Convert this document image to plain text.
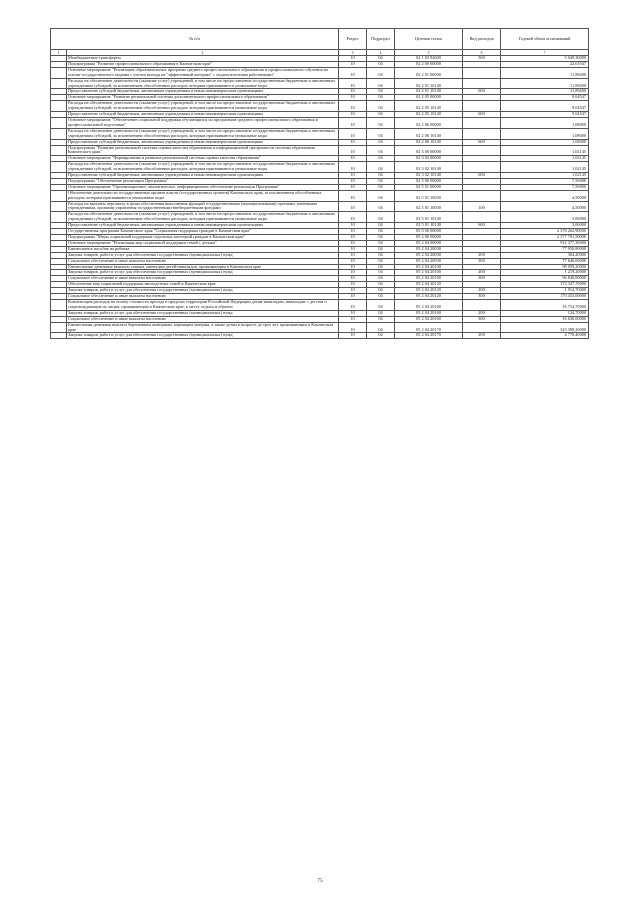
№ п/п		Раздел	Подраздел	Целевая статья	Вид расходов	Годовой объем ассигнований
1	2	3	4	5	6	7
	Межбюджетные трансферты	10	04	02 1 03 92600	500	5 049,30000
	Подпрограмма "Развитие профессионального образования в Камчатском крае"	10	04	02 2 00 00000		22,01947
	Основное мероприятие "Реализация образовательных программ среднего профессионального образования и профессионального обучения на основе государственного задания с учетом выхода на "эффективный контракт" с педагогическими работниками"	10	04	02 2 01 00000		11,89400
	Расходы на обеспечение деятельности (оказание услуг) учреждений, в том числе на предоставление государственным бюджетным и автономным учреждениям субсидий, за исключением обособленных расходов, которым присваиваются уникальные коды	10	04	02 2 01 10140		11,89400
	Предоставление субсидий бюджетным, автономным учреждениям и иным некоммерческим организациям	10	04	02 2 01 10140	600	11,89400
	Основное мероприятие "Развитие региональной системы дополнительного профессионального образования"	10	04	02 2 05 00000		9,04547
	Расходы на обеспечение деятельности (оказание услуг) учреждений, в том числе на предоставление государственным бюджетным и автономным учреждениям субсидий, за исключением обособленных расходов, которым присваиваются уникальные коды	10	04	02 2 05 10140		9,04547
	Предоставление субсидий бюджетным, автономным учреждениям и иным некоммерческим организациям	10	04	02 2 05 10140	600	9,04547
	Основное мероприятие "Обеспечение социальной поддержки обучающихся по программам среднего профессионального образования и профессиональной подготовки"	10	04	02 2 06 00000		1,08000
	Расходы на обеспечение деятельности (оказание услуг) учреждений, в том числе на предоставление государственным бюджетным и автономным учреждениям субсидий, за исключением обособленных расходов, которым присваиваются уникальные коды	10	04	02 2 06 10140		1,08000
	Предоставление субсидий бюджетным, автономным учреждениям и иным некоммерческим организациям	10	04	02 2 06 10140	600	1,08000
	Подпрограмма "Развитие региональной системы оценки качества образования и информационной прозрачности системы образования Камчатского края"	10	04	02 3 00 00000		1,02145
	Основное мероприятие "Формирование и развитие региональной системы оценки качества образования"	10	04	02 3 02 00000		1,02145
	Расходы на обеспечение деятельности (оказание услуг) учреждений, в том числе на предоставление государственным бюджетным и автономным учреждениям субсидий, за исключением обособленных расходов, которым присваиваются уникальные коды	10	04	02 3 02 10140		1,02145
	Предоставление субсидий бюджетным, автономным учреждениям и иным некоммерческим организациям	10	04	02 3 02 10140	600	1,02145
	Подпрограмма "Обеспечение реализации Программы"	10	04	02 5 00 00000		7,56000
	Основное мероприятие "Организационное, аналитическое, информационное обеспечение реализации Программы"	10	04	02 5 01 00000		7,56000
	Обеспечение деятельности государственных органов власти (государственных органов) Камчатского края, за исключением обособленных расходов, которым присваиваются уникальные коды	10	04	02 5 01 10030		4,50000
	Расходы на выплаты персоналу в целях обеспечения выполнения функций государственными (муниципальными) органами, казенными учреждениями, органами управления государственными внебюджетными фондами	10	04	02 5 01 10030	100	4,50000
	Расходы на обеспечение деятельности (оказание услуг) учреждений, в том числе на предоставление государственным бюджетным и автономным учреждениям субсидий, за исключением обособленных расходов, которым присваиваются уникальные коды	10	04	02 5 01 10140		3,06000
	Предоставление субсидий бюджетным, автономным учреждениям и иным некоммерческим организациям	10	04	02 5 01 10140	600	3,06000
	Государственная программа Камчатского края "Социальная поддержка граждан в Камчатском крае"	10	04	05 0 00 00000		2 378 262,90000
	Подпрограмма "Меры социальной поддержки отдельных категорий граждан в Камчатском крае"	10	04	05 2 00 00000		2 377 791,50000
	Основное мероприятие "Реализация мер социальной поддержки семей с детьми"	10	04	05 2 04 00000		912 377,30000
	Ежемесячное пособие на ребенка	10	04	05 2 04 20030		77 950,80000
	Закупка товаров, работ и услуг для обеспечения государственных (муниципальных) нужд	10	04	05 2 04 20030	200	304,20000
	Социальное обеспечение и иные выплаты населению	10	04	05 2 04 20030	300	77 646,60000
	Ежемесячные денежные выплаты семьям, имеющим детей-инвалидов, проживающим в Камчатском крае	10	04	05 2 04 20100		98 059,20000
	Закупка товаров, работ и услуг для обеспечения государственных (муниципальных) нужд	10	04	05 2 04 20100	200	1 219,20000
	Социальное обеспечение и иные выплаты населению	10	04	05 2 04 20100	300	96 840,00000
	Обеспечение мер социальной поддержки многодетных семей в Камчатском крае	10	04	05 2 04 20120		172 347,70000
	Закупка товаров, работ и услуг для обеспечения государственных (муниципальных) нужд	10	04	05 2 04 20120	200	1 914,70000
	Социальное обеспечение и иные выплаты населению	10	04	05 2 04 20120	300	170 433,00000
	Компенсация расходов на оплату стоимости проезда в пределах территории Российской Федерации детям-инвалидам, инвалидам с детства и сопровождающим их лицам, проживающим в Камчатском крае, к месту отдыха и обратно	10	04	05 2 04 20160		16 754,70000
	Закупка товаров, работ и услуг для обеспечения государственных (муниципальных) нужд	10	04	05 2 04 20160	200	124,70000
	Социальное обеспечение и иные выплаты населению	10	04	05 2 04 20160	300	16 630,00000
	Ежемесячная денежная выплата беременным женщинам, кормящим матерям, а также детям в возрасте до трех лет, проживающим в Камчатском крае	10	04	05 2 04 20170		323 398,20000
	Закупка товаров, работ и услуг для обеспечения государственных (муниципальных) нужд	10	04	05 2 04 20170	200	4 778,40000
75
